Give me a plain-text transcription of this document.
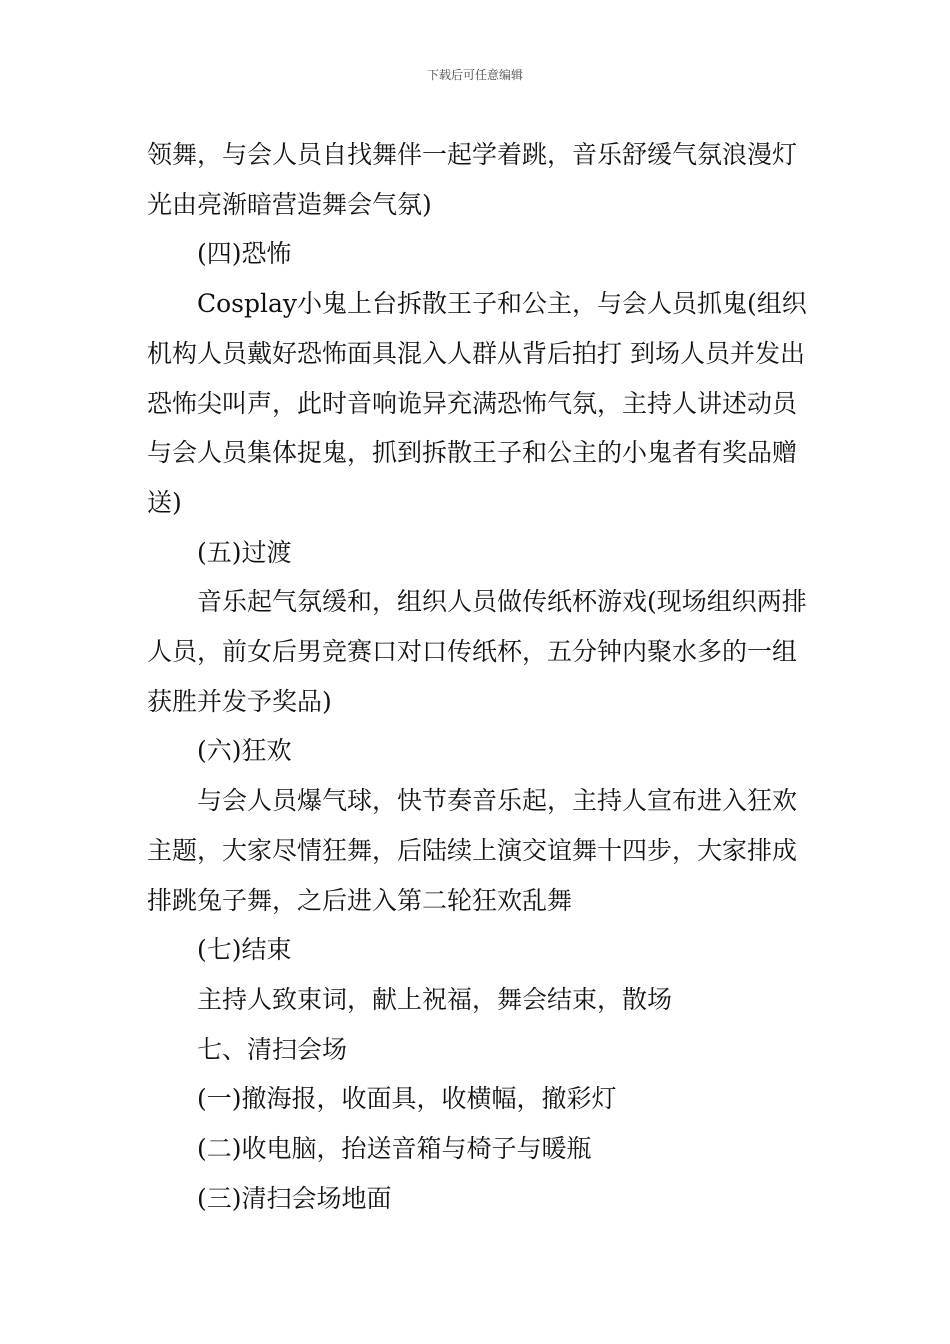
下载后可任意编辑

领舞，与会人员自找舞伴一起学着跳，音乐舒缓气氛浪漫灯光由亮渐暗营造舞会气氛)

(四)恐怖

Cosplay小鬼上台拆散王子和公主，与会人员抓鬼(组织机构人员戴好恐怖面具混入人群从背后拍打 到场人员并发出恐怖尖叫声，此时音响诡异充满恐怖气氛，主持人讲述动员与会人员集体捉鬼，抓到拆散王子和公主的小鬼者有奖品赠送)

(五)过渡

音乐起气氛缓和，组织人员做传纸杯游戏(现场组织两排人员，前女后男竞赛口对口传纸杯，五分钟内聚水多的一组获胜并发予奖品)

(六)狂欢

与会人员爆气球，快节奏音乐起，主持人宣布进入狂欢主题，大家尽情狂舞，后陆续上演交谊舞十四步，大家排成排跳兔子舞，之后进入第二轮狂欢乱舞

(七)结束

主持人致束词，献上祝福，舞会结束，散场

七、清扫会场

(一)撤海报，收面具，收横幅，撤彩灯

(二)收电脑，抬送音箱与椅子与暖瓶

(三)清扫会场地面
